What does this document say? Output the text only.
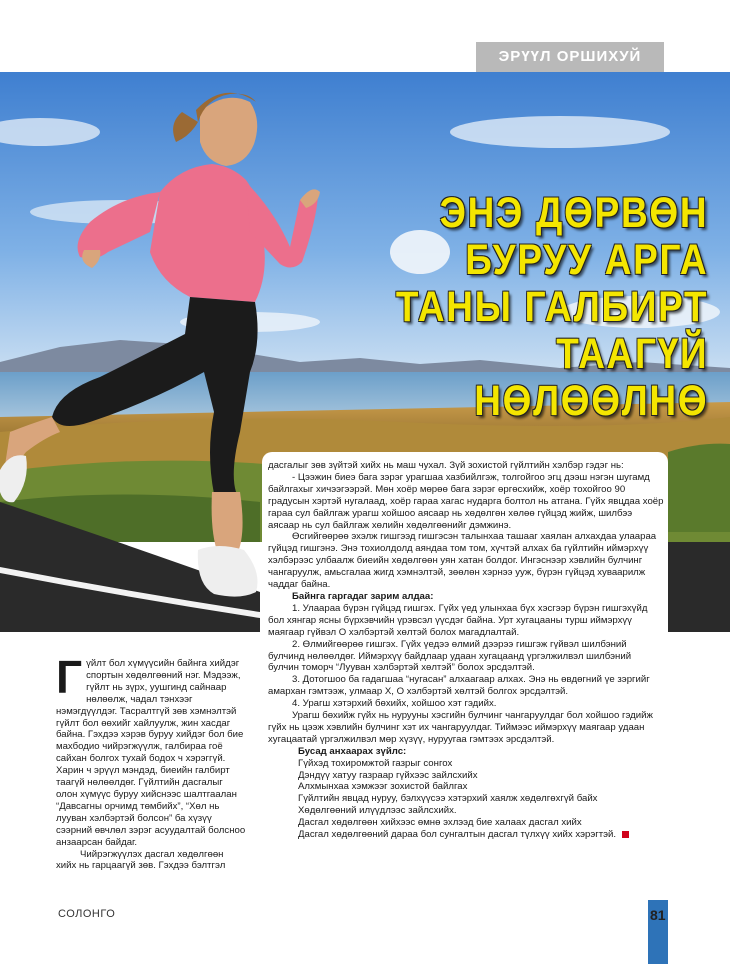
ЭРҮҮЛ ОРШИХУЙ
ЭНЭ ДӨРВӨН
БУРУУ АРГА
ТАНЫ ГАЛБИРТ
ТААГҮЙ
НӨЛӨӨЛНӨ

дасгалыг зөв зүйтэй хийх нь маш чухал. Зүй зохистой гүйлтийн хэлбэр гэдэг нь:

- Цээжин биеэ бага зэрэг урагшаа хазбийлгэж, толгойгоо эгц дээш нэгэн шугамд байлгахыг хичээгээрэй. Мөн хоёр мөрөө бага зэрэг өргөсхийж, хоёр тохойгоо 90 градусын хэртэй нугалаад, хоёр гараа хагас нударга болтол нь атгана. Гүйх явцдаа хоёр гараа сул байлгаж урагш хойшоо аясаар нь хөдөлгөн хөлөө гүйцэд жийж, шилбээ аясаар нь сул байлгаж хөлийн хөдөлгөөнийг дэмжинэ.

Өсгийгөөрөө эхэлж гишгээд гишгэсэн талынхаа ташааг хаялан алхахдаа улаараа гүйцэд гишгэнэ. Энэ тохиолдолд аяндаа том том, хүчтэй алхах ба гүйлтийн иймэрхүү хэлбэрээс улбаалж биеийн хөдөлгөөн уян хатан болдог. Ингэснээр хэвлийн булчинг чангаруулж, амьсгалаа жигд хэмнэлтэй, зөөлөн хэрнээ ууж, бүрэн гүйцэд хуваарилж чаддаг байна.

Байнга гаргадаг зарим алдаа:

1. Улаараа бүрэн гүйцэд гишгэх. Гүйх үед улынхаа бүх хэсгээр бүрэн гишгэхүйд бол хянгар ясны бүрхэвчийн үрэвсэл үүсдэг байна. Урт хугацааны турш иймэрхүү маягаар гүйвэл О хэлбэртэй хөлтэй болох магадлалтай.

2. Өлмийгөөрөө гишгэх. Гүйх үедээ өлмий дээрээ гишгэж гүйвэл шилбэний булчинд нөлөөлдөг. Иймэрхүү байдлаар удаан хугацаанд үргэлжилвэл шилбэний булчин томорч “Лууван хэлбэртэй хөлтэй” болох эрсдэлтэй.

3. Дотогшоо ба гадагшаа “нугасан” алхаагаар алхах. Энэ нь өвдөгний үе зэргийг амархан гэмтээж, улмаар Х, О хэлбэртэй хөлтэй болгох эрсдэлтэй.

4. Урагш хэтэрхий бөхийх, хойшоо хэт гэдийх.

Урагш бөхийж гүйх нь нурууны хэсгийн булчинг чангаруулдаг бол хойшоо гэдийж гүйх нь цээж хэвлийн булчинг хэт их чангаруулдаг. Тиймээс иймэрхүү маягаар удаан хугацаатай үргэлжилвэл мөр хүзүү, нуруугаа гэмтээх эрсдэлтэй.

Бусад анхаарах зүйлс:

Гүйхэд тохиромжтой газрыг сонгох

Дэндүү хатуу газраар гүйхээс зайлсхийх

Алхмынхаа хэмжээг зохистой байлгах

Гүйлтийн явцад нуруу, бэлхүүсээ хэтэрхий хаялж хөдөлгөхгүй байх

Хөдөлгөөний илүүдлээс зайлсхийх.

Дасгал хөдөлгөөн хийхээс өмнө эхлээд бие халаах дасгал хийх

Дасгал хөдөлгөөний дараа бол сунгалтын дасгал түлхүү хийх хэрэгтэй.

Гүйлт бол хүмүүсийн байнга хийдэг спортын хөдөлгөөний нэг. Мэдээж, гүйлт нь зүрх, уушгинд сайнаар нөлөөлж, чадал тэнхээг нэмэгдүүлдэг. Тасралтгүй зөв хэмнэлтэй гүйлт бол өөхийг хайлуулж, жин хасдаг байна. Гэхдээ хэрэв буруу хийдэг бол бие махбодио чийрэгжүүлж, галбираа гоё сайхан болгох тухай бодох ч хэрэггүй. Харин ч эрүүл мэндэд, биеийн галбирт таагүй нөлөөлдөг. Гүйлтийн дасгалыг олон хүмүүс буруу хийснээс шалтгаалан “Давсагны орчимд төмбийх”, “Хөл нь лууван хэлбэртэй болсон” ба хүзүү сээрний өвчлөл зэрэг асуудалтай болсноо анзаарсан байдаг.

Чийрэгжүүлэх дасгал хөдөлгөөн хийх нь гарцаагүй зөв. Гэхдээ бэлтгэл

СОЛОНГО	81
